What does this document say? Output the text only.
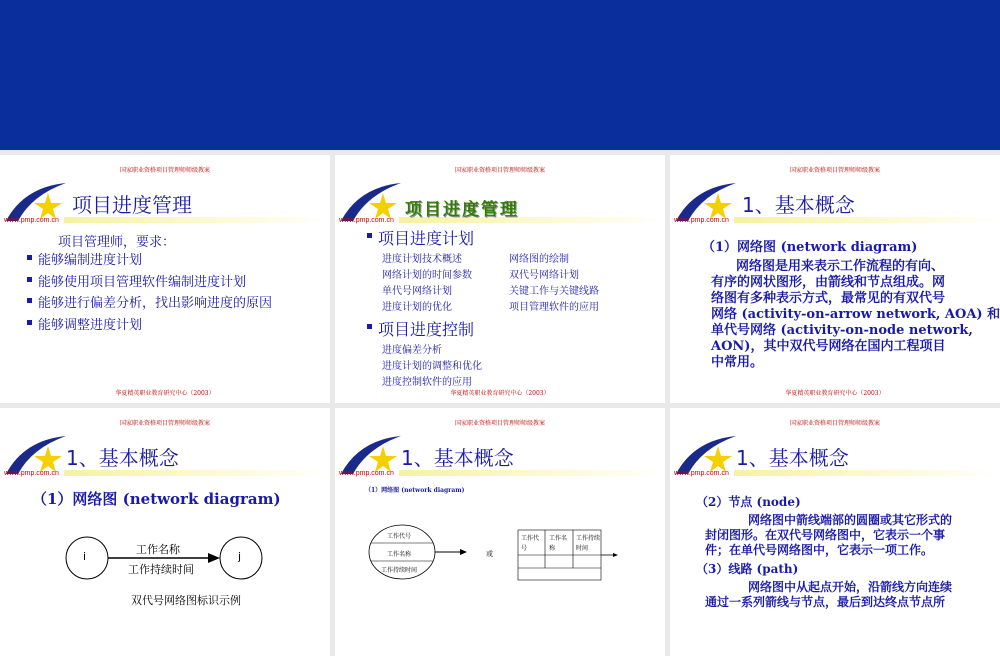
国家职业资格项目管理师师级教案
www.pmp.com.cn
项目进度管理
项目管理师，要求：
能够编制进度计划
能够使用项目管理软件编制进度计划
能够进行偏差分析，找出影响进度的原因
能够调整进度计划
华夏精英职业教育研究中心（2003）
国家职业资格项目管理师师级教案
www.pmp.com.cn
项目进度管理
项目进度计划
进度计划技术概述
网络计划的时间参数
单代号网络计划
进度计划的优化
网络图的绘制
双代号网络计划
关键工作与关键线路
项目管理软件的应用
项目进度控制
进度偏差分析
进度计划的调整和优化
进度控制软件的应用
华夏精英职业教育研究中心（2003）
国家职业资格项目管理师师级教案
www.pmp.com.cn
1、基本概念
（1）网络图 (network diagram)
网络图是用来表示工作流程的有向、
有序的网状图形，由箭线和节点组成。网
络图有多种表示方式，最常见的有双代号
网络 (activity-on-arrow network, AOA) 和
单代号网络 (activity-on-node network,
AON)，其中双代号网络在国内工程项目
中常用。
华夏精英职业教育研究中心（2003）
国家职业资格项目管理师师级教案
www.pmp.com.cn
1、基本概念
（1）网络图 (network diagram)
i	j
工作名称
工作持续时间
双代号网络图标识示例
国家职业资格项目管理师师级教案
www.pmp.com.cn
1、基本概念
（1）网络图 (network diagram)
工作代号
工作名称
工作持续时间
或
工作代号
工作名称
工作持续时间
国家职业资格项目管理师师级教案
www.pmp.com.cn
1、基本概念
（2）节点 (node)
网络图中箭线端部的圆圈或其它形式的
封闭图形。在双代号网络图中，它表示一个事
件；在单代号网络图中，它表示一项工作。
（3）线路 (path)
网络图中从起点开始，沿箭线方向连续
通过一系列箭线与节点，最后到达终点节点所
